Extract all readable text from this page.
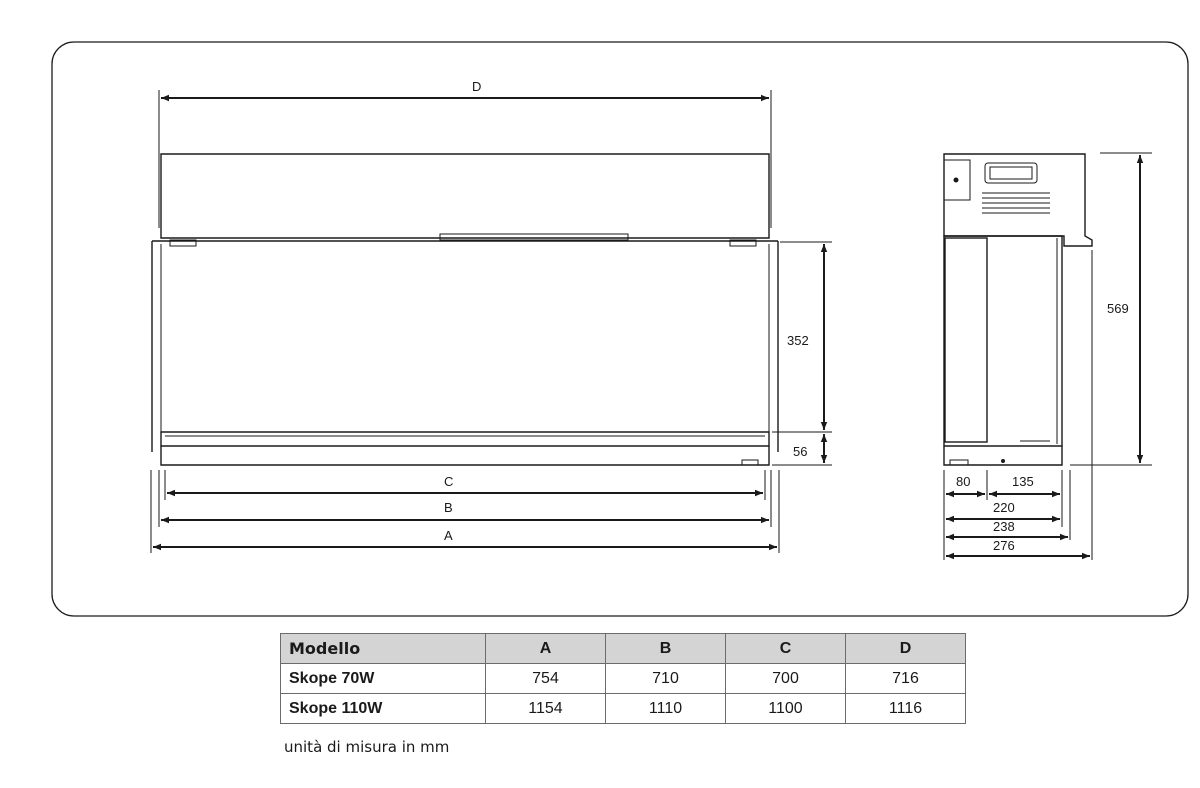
D
C
B
A
352
56
569
80	135
220
238
276
Modello	A	B	C	D
Skope 70W	754	710	700	716
Skope 110W	1154	1110	1100	1116
unità di misura in mm
